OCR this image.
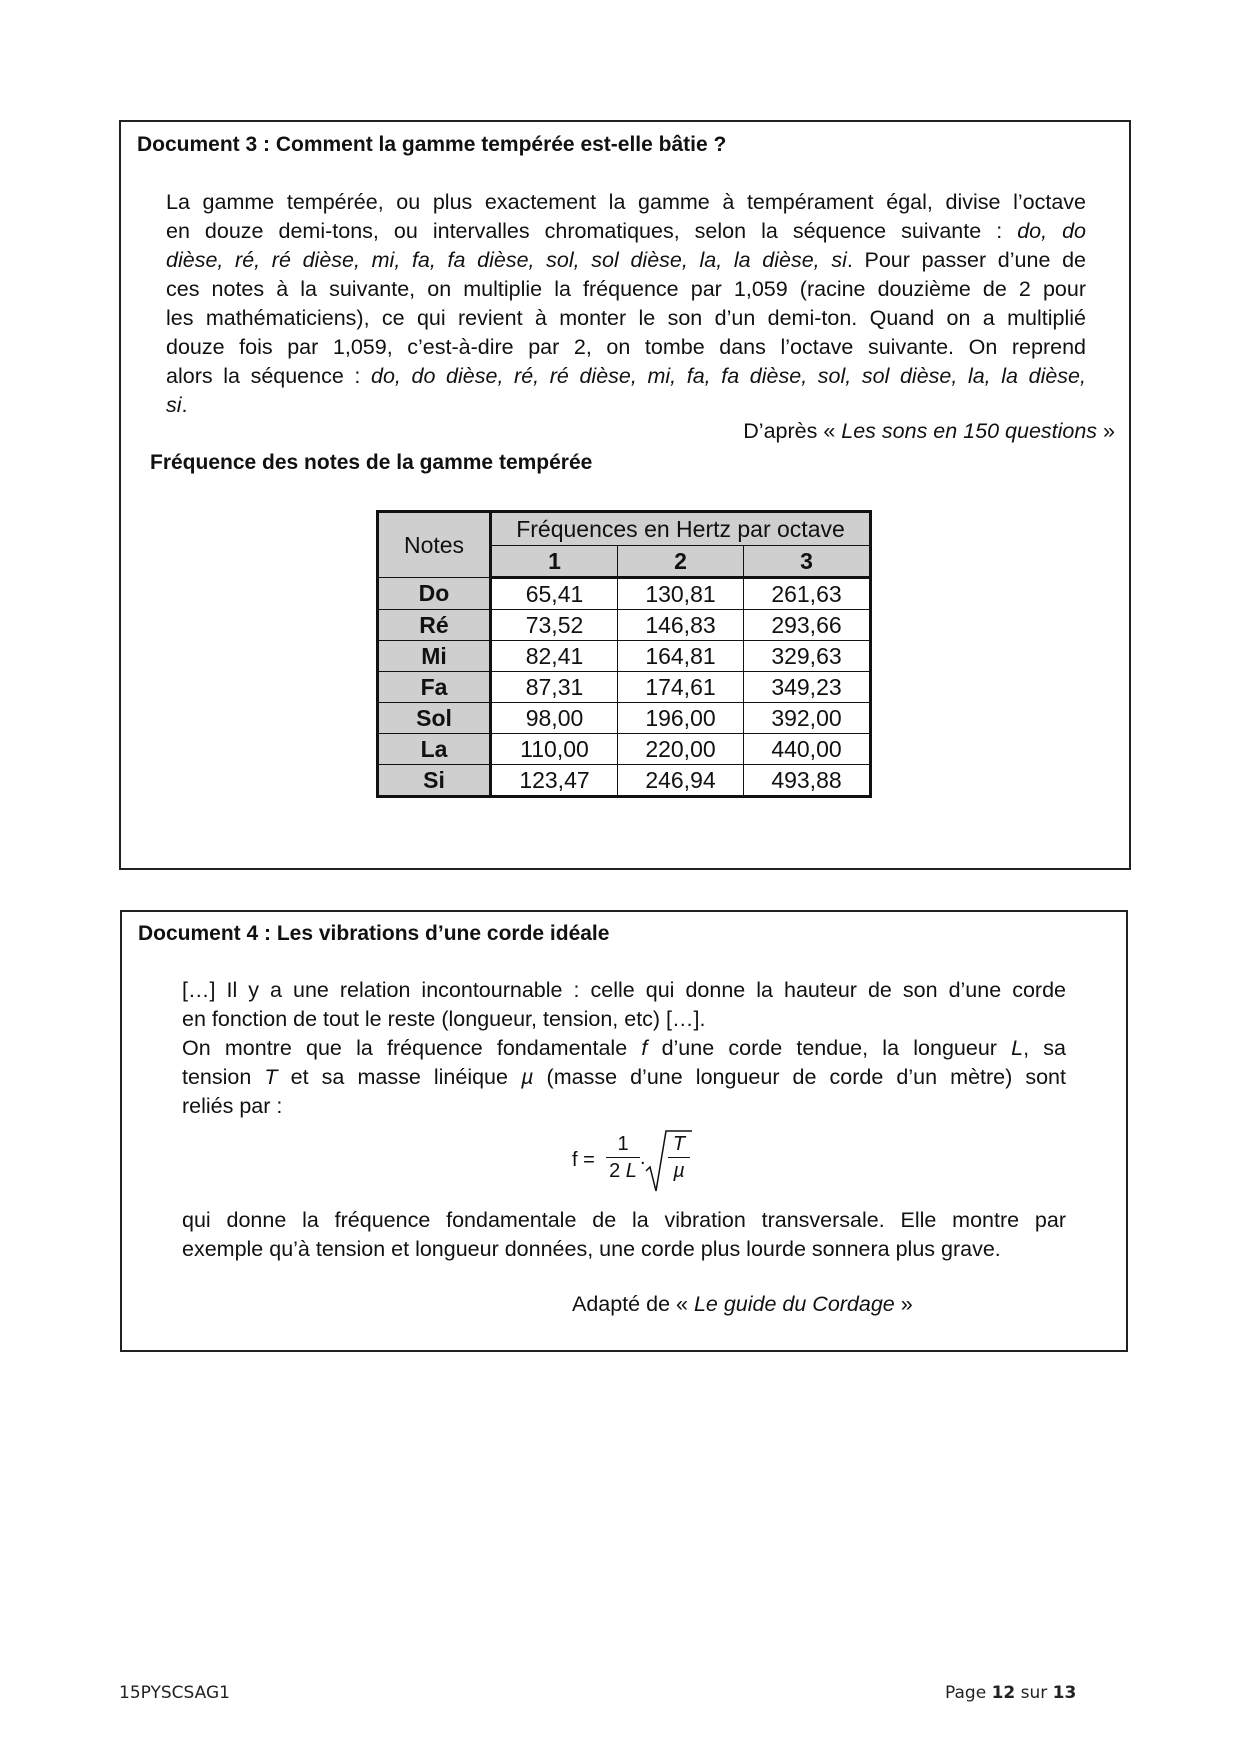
Document 3 : Comment la gamme tempérée est-elle bâtie ?
La gamme tempérée, ou plus exactement la gamme à tempérament égal, divise l’octave
en douze demi-tons, ou intervalles chromatiques, selon la séquence suivante : do, do
dièse, ré, ré dièse, mi, fa, fa dièse, sol, sol dièse, la, la dièse, si. Pour passer d’une de
ces notes à la suivante, on multiplie la fréquence par 1,059 (racine douzième de 2 pour
les mathématiciens), ce qui revient à monter le son d’un demi-ton. Quand on a multiplié
douze fois par 1,059, c’est-à-dire par 2, on tombe dans l’octave suivante. On reprend
alors la séquence : do, do dièse, ré, ré dièse, mi, fa, fa dièse, sol, sol dièse, la, la dièse,
si.
D’après « Les sons en 150 questions »
Fréquence des notes de la gamme tempérée
Notes	Fréquences en Hertz par octave		
	1	2	3
Do	65,41	130,81	261,63
Ré	73,52	146,83	293,66
Mi	82,41	164,81	329,63
Fa	87,31	174,61	349,23
Sol	98,00	196,00	392,00
La	110,00	220,00	440,00
Si	123,47	246,94	493,88
Document 4 : Les vibrations d’une corde idéale
[…] Il y a une relation incontournable : celle qui donne la hauteur de son d’une corde
en fonction de tout le reste (longueur, tension, etc) […].
On montre que la fréquence fondamentale f d’une corde tendue, la longueur L, sa
tension T et sa masse linéique µ (masse d’une longueur de corde d’un mètre) sont
reliés par :
f =
1
2 L
.
T
µ
qui donne la fréquence fondamentale de la vibration transversale. Elle montre par
exemple qu’à tension et longueur données, une corde plus lourde sonnera plus grave.
Adapté de « Le guide du Cordage »
15PYSCSAG1	Page 12 sur 13
